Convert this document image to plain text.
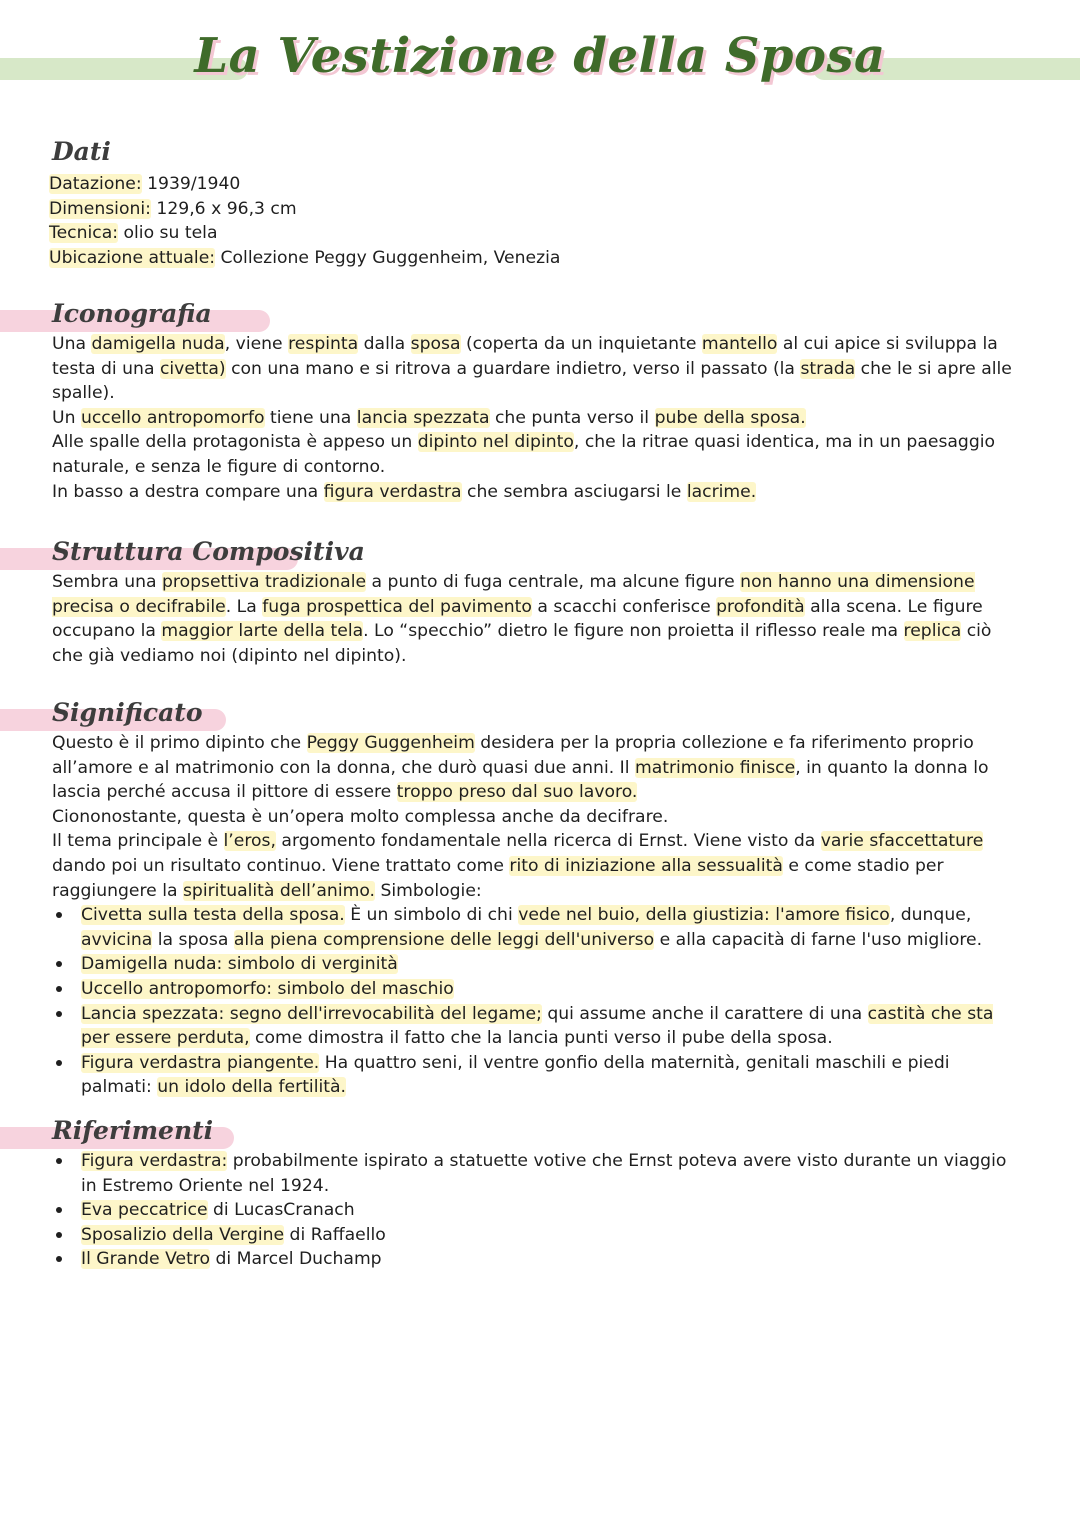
La Vestizione della Sposa
Dati

Datazione: 1939/1940

Dimensioni: 129,6 x 96,3 cm

Tecnica: olio su tela

Ubicazione attuale: Collezione Peggy Guggenheim, Venezia

Iconografia

Una damigella nuda, viene respinta dalla sposa (coperta da un inquietante mantello al cui apice si sviluppa la testa di una civetta) con una mano e si ritrova a guardare indietro, verso il passato (la strada che le si apre alle spalle).

Un uccello antropomorfo tiene una lancia spezzata che punta verso il pube della sposa.

Alle spalle della protagonista è appeso un dipinto nel dipinto, che la ritrae quasi identica, ma in un paesaggio naturale, e senza le figure di contorno.

In basso a destra compare una figura verdastra che sembra asciugarsi le lacrime.

Struttura Compositiva

Sembra una propsettiva tradizionale a punto di fuga centrale, ma alcune figure non hanno una dimensione precisa o decifrabile. La fuga prospettica del pavimento a scacchi conferisce profondità alla scena. Le figure occupano la maggior larte della tela. Lo “specchio” dietro le figure non proietta il riflesso reale ma replica ciò che già vediamo noi (dipinto nel dipinto).

Significato

Questo è il primo dipinto che Peggy Guggenheim desidera per la propria collezione e fa riferimento proprio all’amore e al matrimonio con la donna, che durò quasi due anni. Il matrimonio finisce, in quanto la donna lo lascia perché accusa il pittore di essere troppo preso dal suo lavoro.

Ciononostante, questa è un’opera molto complessa anche da decifrare.

Il tema principale è l’eros, argomento fondamentale nella ricerca di Ernst. Viene visto da varie sfaccettature dando poi un risultato continuo. Viene trattato come rito di iniziazione alla sessualità e come stadio per raggiungere la spiritualità dell’animo. Simbologie:

Civetta sulla testa della sposa. È un simbolo di chi vede nel buio, della giustizia: l'amore fisico, dunque, avvicina la sposa alla piena comprensione delle leggi dell'universo e alla capacità di farne l'uso migliore.
Damigella nuda: simbolo di verginità
Uccello antropomorfo: simbolo del maschio
Lancia spezzata: segno dell'irrevocabilità del legame; qui assume anche il carattere di una castità che sta per essere perduta, come dimostra il fatto che la lancia punti verso il pube della sposa.
Figura verdastra piangente. Ha quattro seni, il ventre gonfio della maternità, genitali maschili e piedi palmati: un idolo della fertilità.
Riferimenti
Figura verdastra: probabilmente ispirato a statuette votive che Ernst poteva avere visto durante un viaggio in Estremo Oriente nel 1924.
Eva peccatrice di LucasCranach
Sposalizio della Vergine di Raffaello
Il Grande Vetro di Marcel Duchamp
